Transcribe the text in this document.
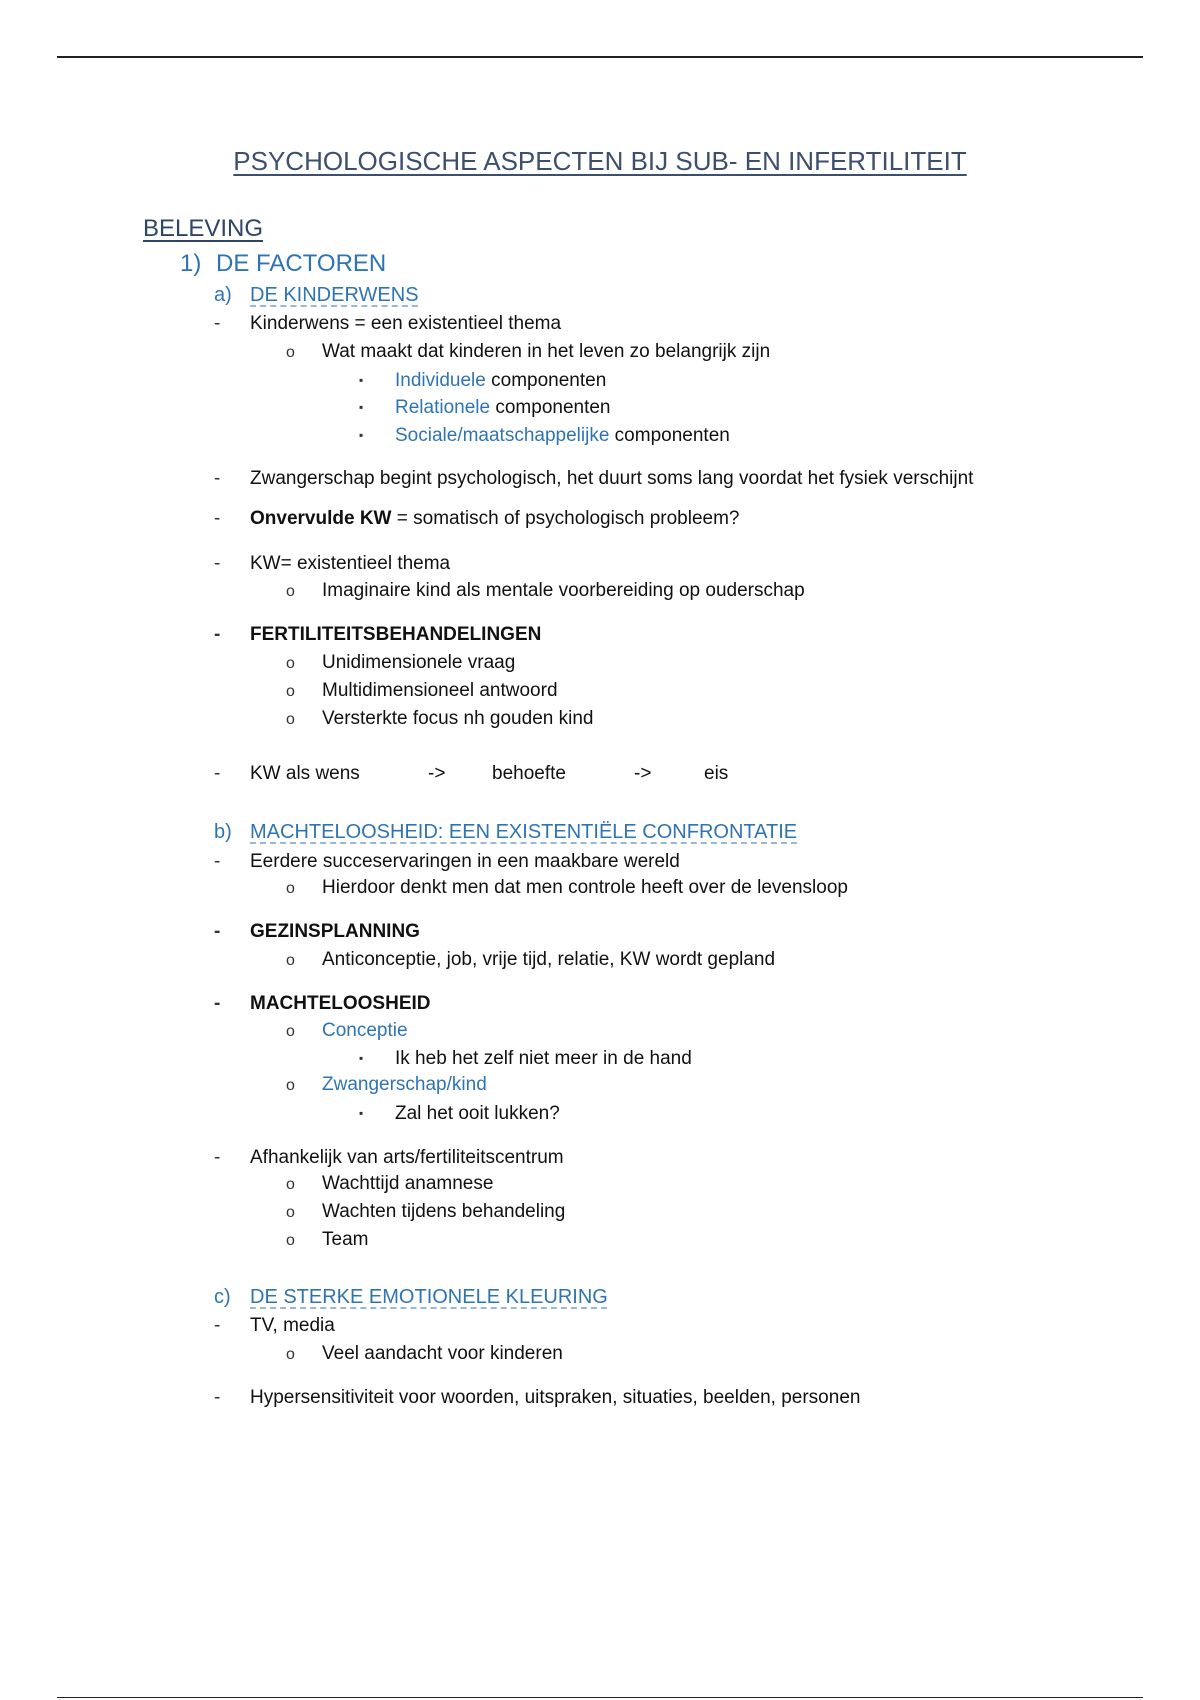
PSYCHOLOGISCHE ASPECTEN BIJ SUB- EN INFERTILITEIT
BELEVING
1) DE FACTOREN
a) DE KINDERWENS
- Kinderwens = een existentieel thema
o Wat maakt dat kinderen in het leven zo belangrijk zijn
▪ Individuele componenten
▪ Relationele componenten
▪ Sociale/maatschappelijke componenten
- Zwangerschap begint psychologisch, het duurt soms lang voordat het fysiek verschijnt
- Onvervulde KW = somatisch of psychologisch probleem?
- KW= existentieel thema
o Imaginaire kind als mentale voorbereiding op ouderschap
- FERTILITEITSBEHANDELINGEN
o Unidimensionele vraag
o Multidimensioneel antwoord
o Versterkte focus nh gouden kind
- KW als wens	-> behoefte	->	eis
b) MACHTELOOSHEID: EEN EXISTENTIËLE CONFRONTATIE
- Eerdere succeservaringen in een maakbare wereld
o Hierdoor denkt men dat men controle heeft over de levensloop
- GEZINSPLANNING
o Anticonceptie, job, vrije tijd, relatie, KW wordt gepland
- MACHTELOOSHEID
o Conceptie
▪ Ik heb het zelf niet meer in de hand
o Zwangerschap/kind
▪ Zal het ooit lukken?
- Afhankelijk van arts/fertiliteitscentrum
o Wachttijd anamnese
o Wachten tijdens behandeling
o Team
c) DE STERKE EMOTIONELE KLEURING
- TV, media
o Veel aandacht voor kinderen
- Hypersensitiviteit voor woorden, uitspraken, situaties, beelden, personen
